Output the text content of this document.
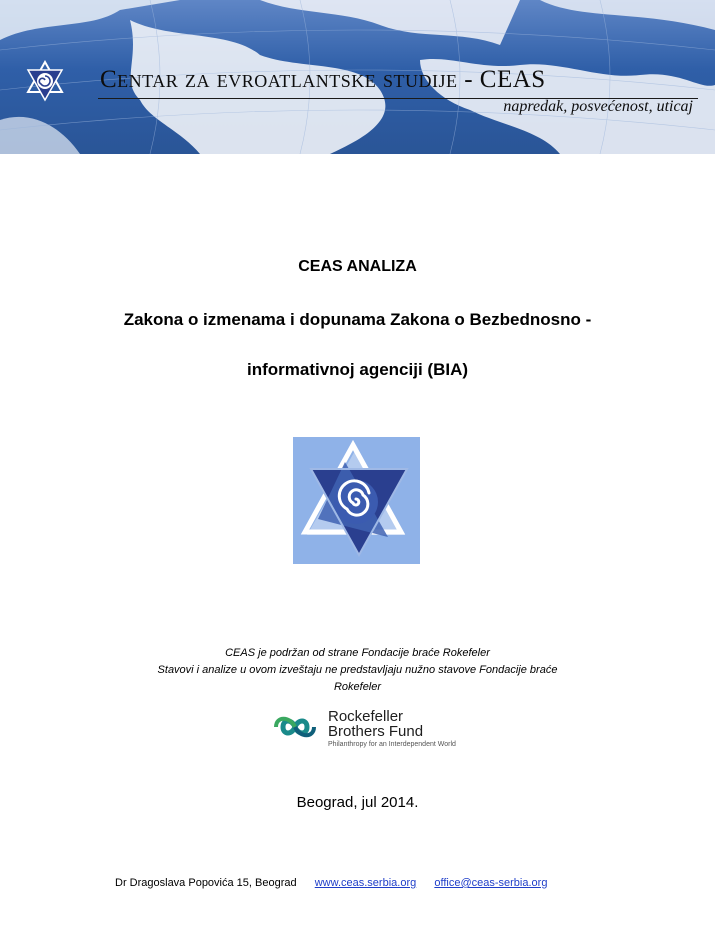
Centar za evroatlantske studije - CEAS
napredak, posvećenost, uticaj
CEAS ANALIZA
Zakona o izmenama i dopunama Zakona o Bezbednosno -
informativnoj agenciji (BIA)
CEAS je podržan od strane Fondacije braće Rokefeler
Stavovi i analize u ovom izveštaju ne predstavljaju nužno stavove Fondacije braće
Rokefeler
Rockefeller
Brothers Fund
Philanthropy for an Interdependent World
Beograd, jul 2014.
Dr Dragoslava Popovića 15, Beograd www.ceas.serbia.org office@ceas-serbia.org
